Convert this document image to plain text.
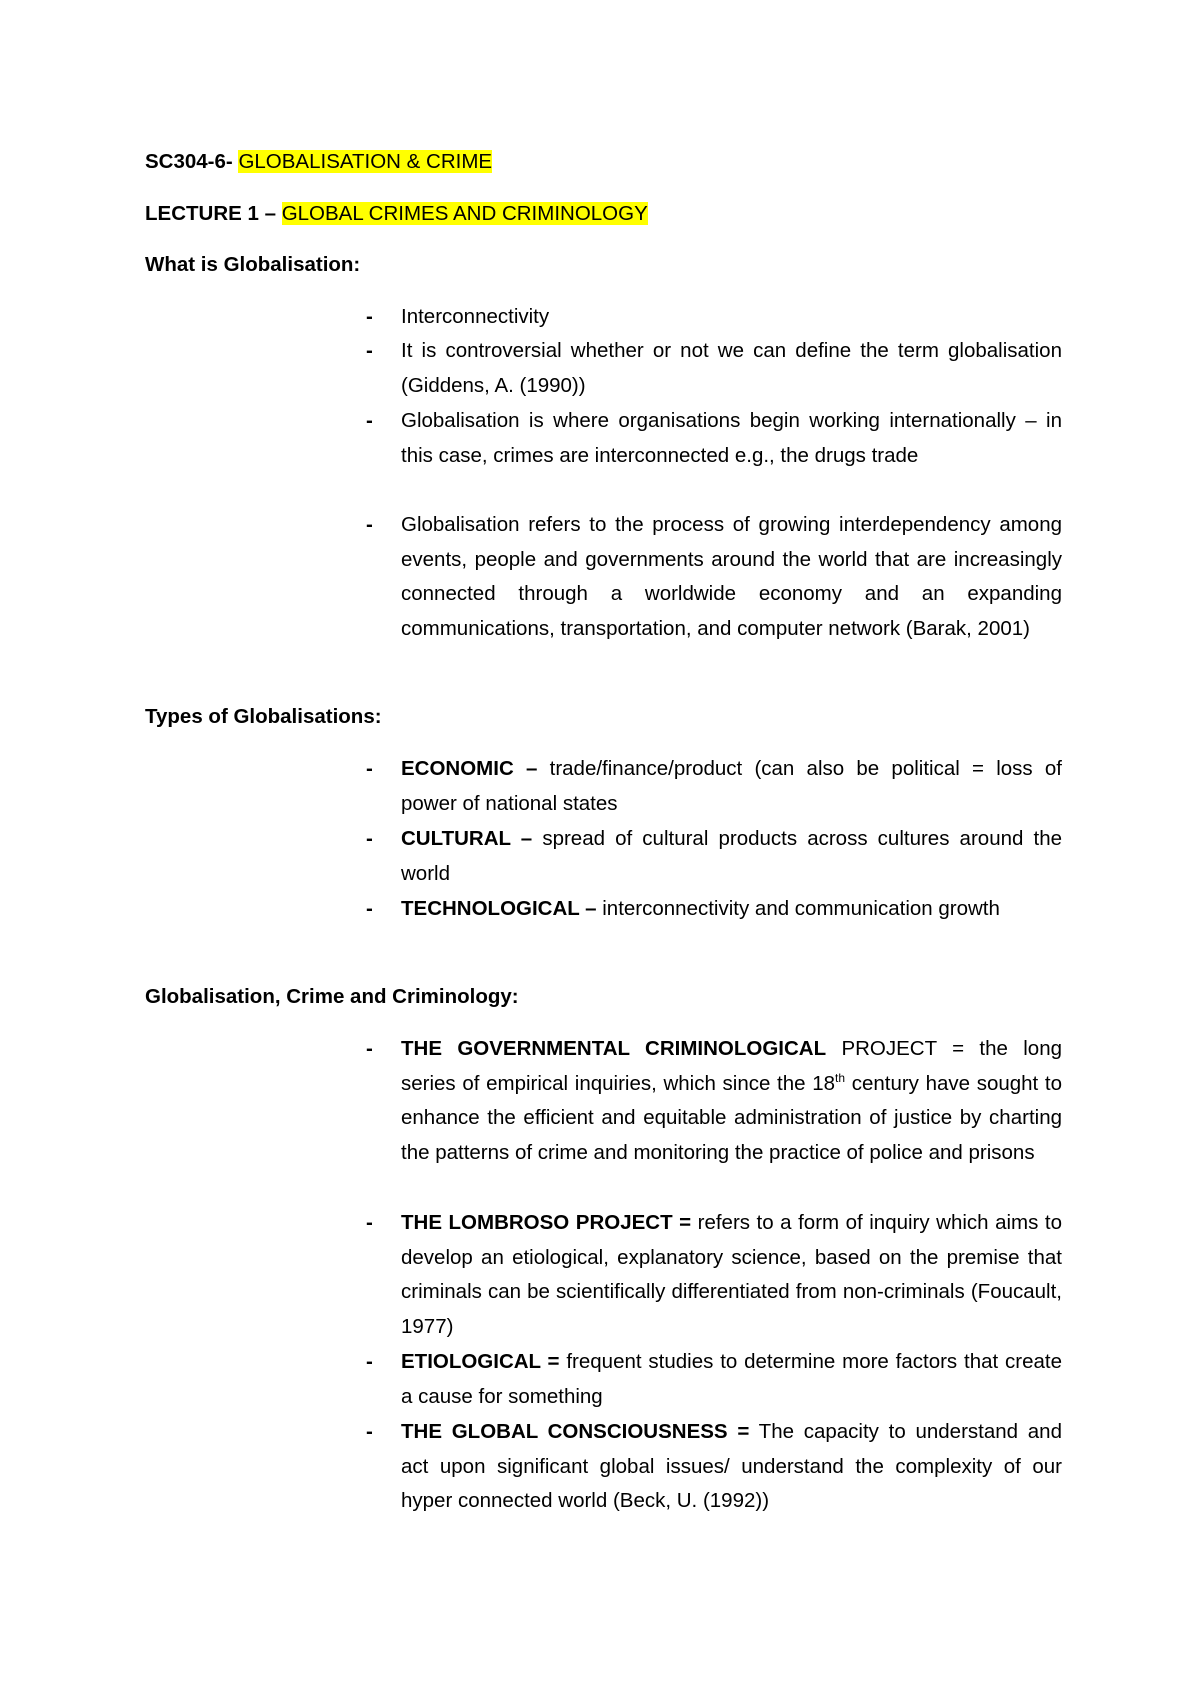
SC304-6- GLOBALISATION & CRIME
LECTURE 1 – GLOBAL CRIMES AND CRIMINOLOGY
What is Globalisation:
- Interconnectivity
- It is controversial whether or not we can define the term globalisation (Giddens, A. (1990))
- Globalisation is where organisations begin working internationally – in this case, crimes are interconnected e.g., the drugs trade
- Globalisation refers to the process of growing interdependency among events, people and governments around the world that are increasingly connected through a worldwide economy and an expanding communications, transportation, and computer network (Barak, 2001)
Types of Globalisations:
- ECONOMIC – trade/finance/product (can also be political = loss of power of national states
- CULTURAL – spread of cultural products across cultures around the world
- TECHNOLOGICAL – interconnectivity and communication growth
Globalisation, Crime and Criminology:
- THE GOVERNMENTAL CRIMINOLOGICAL PROJECT = the long series of empirical inquiries, which since the 18th century have sought to enhance the efficient and equitable administration of justice by charting the patterns of crime and monitoring the practice of police and prisons
- THE LOMBROSO PROJECT = refers to a form of inquiry which aims to develop an etiological, explanatory science, based on the premise that criminals can be scientifically differentiated from non-criminals (Foucault, 1977)
- ETIOLOGICAL = frequent studies to determine more factors that create a cause for something
- THE GLOBAL CONSCIOUSNESS = The capacity to understand and act upon significant global issues/ understand the complexity of our hyper connected world (Beck, U. (1992))
